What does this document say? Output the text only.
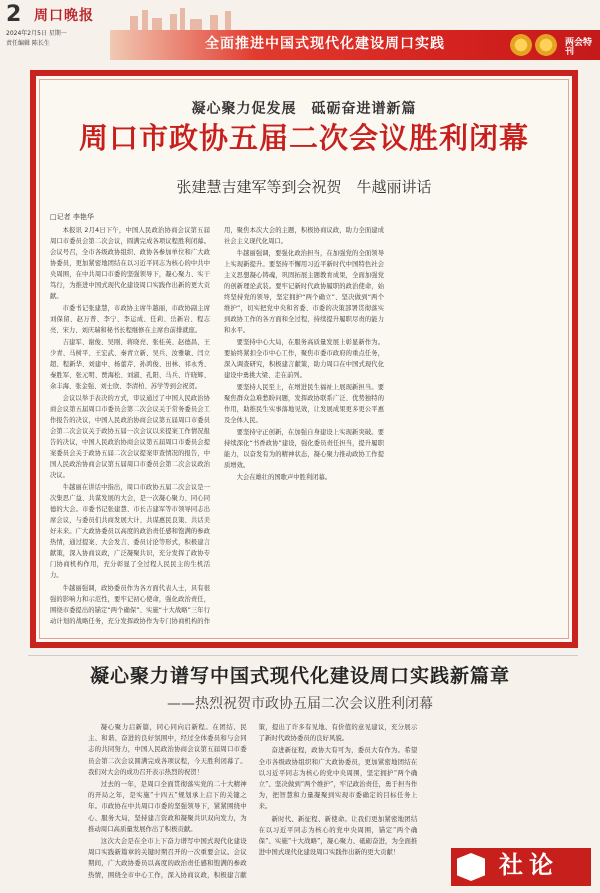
2 周口晚报
2024年2月5日 星期一
责任编辑 陈长生	全面推进中国式现代化建设周口实践	两会特刊
凝心聚力促发展　砥砺奋进谱新篇
周口市政协五届二次会议胜利闭幕
张建慧吉建军等到会祝贺　牛越丽讲话
□记者 李艳华

本报讯 2月4日下午，中国人民政治协商会议第五届周口市委员会第二次会议，圆满完成各项议程胜利闭幕。会议号召，全市各级政协组织、政协各参加单位和广大政协委员，更加紧密地团结在以习近平同志为核心的中共中央周围，在中共周口市委的坚强领导下，凝心聚力、实干笃行，为推进中国式现代化建设周口实践作出新的更大贡献。

市委书记张建慧，市政协主席牛越丽，市政协副主席刘保留、赵万普、李宁、李运成、任莉、岳新岩、程志亮、宋力、刘庆瑞和秘书长程继修在主席台前排就座。

吉建军、谢俊、吴刚、蒋晓亮、张桂英、赵德昌、王少青、马树平、王宏武、秦青立新、吴兵、汝雅敏、闫立超、程新华、刘建中、杨蕾芹、孙鸿俊、田林、祁永秀、秦胜军、张元明、贾海松、刘淑、孔阳、马兵、许晓辉、余丰海、张金强、刘士欣、李清柏、苏学等到会祝贺。

会议以举手表决的方式，审议通过了中国人民政治协商会议第五届周口市委员会第二次会议关于常务委员会工作报告的决议，中国人民政治协商会议第五届周口市委员会第二次会议关于政协五届一次会议以来提案工作情况报告的决议，中国人民政治协商会议第五届周口市委员会提案委员会关于政协五届二次会议提案审查情况的报告，中国人民政治协商会议第五届周口市委员会第二次会议政治决议。

牛越丽在讲话中指出，周口市政协五届二次会议是一次集思广益、共谋发展的大会，是一次凝心聚力、同心同德的大会。市委书记张建慧、市长吉建军等市领导同志出席会议，与委员们共商发展大计、共谋惠民良策、共话美好未来。广大政协委员以高度的政治责任感和饱满的参政热情，通过提案、大会发言、委员讨论等形式，积极建言献策，深入协商议政，广泛凝聚共识，充分发挥了政协专门协商机构作用，充分彰显了全过程人民民主的生机活力。

牛越丽强调，政协委员作为各方面代表人士，具有很强的影响力和示范性，要牢记初心使命，强化政治责任，围绕市委提出的锚定“两个确保”、实施“十大战略”三年行动计划的战略任务，充分发挥政协作为专门协商机构的作用，聚焦本次大会的主题，积极协商议政，助力全面建成社会主义现代化周口。

牛越丽强调，要强化政治担当，在加强党的全面领导上实现新提升。要坚持不懈用习近平新时代中国特色社会主义思想凝心铸魂，巩固拓展主题教育成果，全面加强党的创新理论武装。要牢记新时代政协履职的政治使命，始终坚持党的领导，坚定拥护“两个确立”、坚决做到“两个维护”，切实把党中央和省委、市委的决策部署贯彻落实到政协工作的各方面和全过程，持续提升履职尽责的能力和水平。

要坚持中心大局，在服务高质量发展上彰显新作为。要始终紧扣全市中心工作，聚焦市委市政府的重点任务，深入调查研究，积极建言献策，助力周口在中国式现代化建设中勇挑大梁、走在前列。

要坚持人民至上，在增进民生福祉上展现新担当。要聚焦群众急难愁盼问题，发挥政协联系广泛、优势独特的作用，助推民生实事落地见效，让发展成果更多更公平惠及全体人民。

要坚持守正创新，在加强自身建设上实现新突破。要持续深化“书香政协”建设，强化委员责任担当，提升履职能力，以奋发有为的精神状态，凝心聚力推动政协工作提质增效。

大会在雄壮的国歌声中胜利闭幕。

凝心聚力谱写中国式现代化建设周口实践新篇章
——热烈祝贺市政协五届二次会议胜利闭幕

凝心聚力启新篇，同心同向启新程。在团结、民主、和谐、奋进的良好氛围中，经过全体委员和与会同志的共同努力，中国人民政治协商会议第五届周口市委员会第二次会议圆满完成各项议程，今天胜利闭幕了。我们对大会的成功召开表示热烈的祝贺！

过去的一年，是周口全面贯彻落实党的二十大精神的开局之年，是实施“十四五”规划承上启下的关键之年。市政协在中共周口市委的坚强领导下，紧紧围绕中心、服务大局，坚持建言资政和凝聚共识双向发力，为推动周口高质量发展作出了积极贡献。

这次大会是在全市上下奋力谱写中国式现代化建设周口实践新篇章的关键时期召开的一次重要会议。会议期间，广大政协委员以高度的政治责任感和饱满的参政热情，围绕全市中心工作，深入协商议政，积极建言献策，提出了许多有见地、有价值的意见建议，充分展示了新时代政协委员的良好风貌。

奋进新征程，政协大有可为，委员大有作为。希望全市各级政协组织和广大政协委员，更加紧密地团结在以习近平同志为核心的党中央周围，坚定拥护“两个确立”、坚决做到“两个维护”，牢记政治责任，勇于担当作为，把智慧和力量凝聚到实现市委确定的目标任务上来。

新时代、新征程、新使命。让我们更加紧密地团结在以习近平同志为核心的党中央周围，锚定“两个确保”、实施“十大战略”，凝心聚力、砥砺奋进，为全面推进中国式现代化建设周口实践作出新的更大贡献！	社论
